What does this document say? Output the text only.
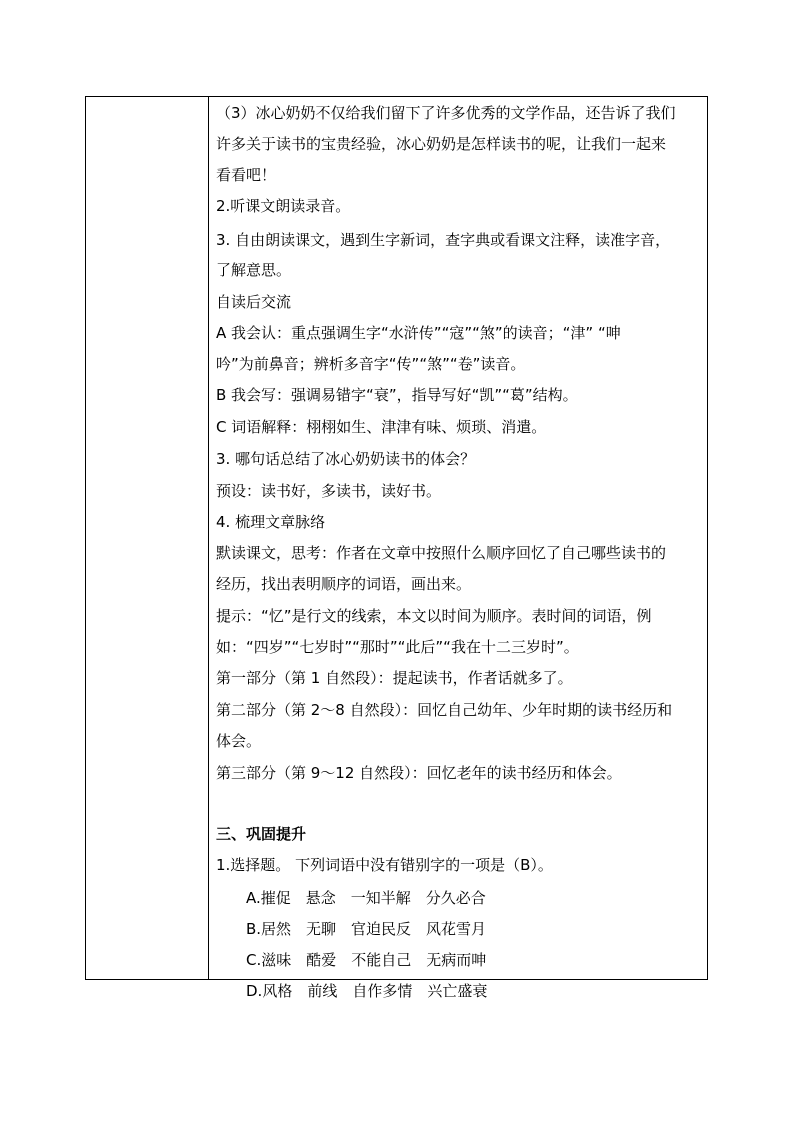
（3）冰心奶奶不仅给我们留下了许多优秀的文学作品，还告诉了我们
许多关于读书的宝贵经验，冰心奶奶是怎样读书的呢，让我们一起来
看看吧！
2.听课文朗读录音。
3. 自由朗读课文，遇到生字新词，查字典或看课文注释，读准字音，
了解意思。
自读后交流
A 我会认：重点强调生字“水浒传”“寇”“煞”的读音；“津” “呻
吟”为前鼻音；辨析多音字“传”“煞”“卷”读音。
B 我会写：强调易错字“衰”，指导写好“凯”“葛”结构。
C 词语解释：栩栩如生、津津有味、烦琐、消遣。
3. 哪句话总结了冰心奶奶读书的体会？
预设：读书好，多读书，读好书。
4. 梳理文章脉络
默读课文，思考：作者在文章中按照什么顺序回忆了自己哪些读书的
经历，找出表明顺序的词语，画出来。
提示：“忆”是行文的线索，本文以时间为顺序。表时间的词语，例
如：“四岁”“七岁时”“那时”“此后”“我在十二三岁时”。
第一部分（第 1 自然段）：提起读书，作者话就多了。
第二部分（第 2～8 自然段）：回忆自己幼年、少年时期的读书经历和
体会。
第三部分（第 9～12 自然段）：回忆老年的读书经历和体会。
三、巩固提升
1.选择题。 下列词语中没有错别字的一项是（B）。
A.摧促　悬念　一知半解　分久必合
B.居然　无聊　官迫民反　风花雪月
C.滋味　酷爱　不能自己　无病而呻
D.风格　前线　自作多情　兴亡盛衰
